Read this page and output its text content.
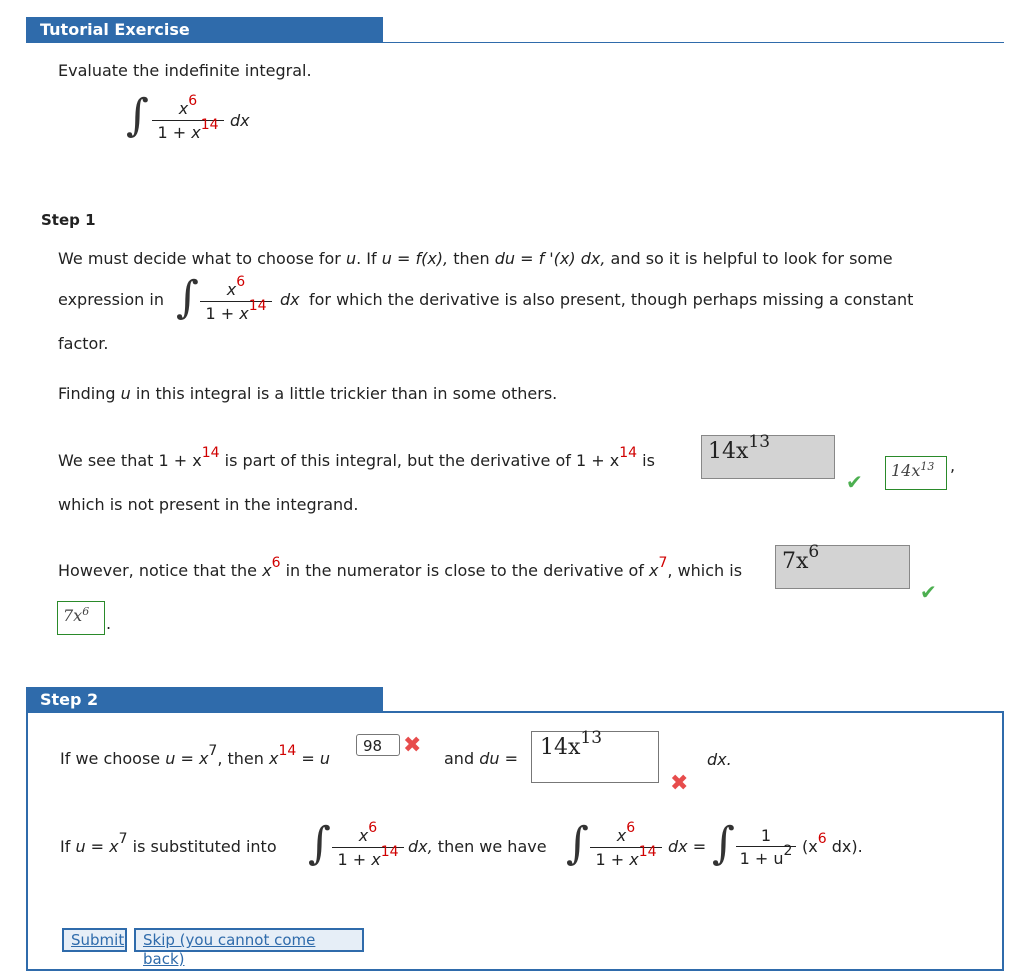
Tutorial Exercise
Evaluate the indefinite integral.
∫	x6
1 + x14 dx
Step 1
We must decide what to choose for u. If u = f(x), then du = f '(x) dx, and so it is helpful to look for some
expression in ∫	x6
1 + x14 dx for which the derivative is also present, though perhaps missing a constant
factor.
Finding u in this integral is a little trickier than in some others.
We see that 1 + x14 is part of this integral, but the derivative of 1 + x14 is	$14x^{13}$
✔	$14x^{13}$ ,
which is not present in the integrand.
However, notice that the x6 in the numerator is close to the derivative of x7, which is	$7x^6$
✔
$7x^6$
.
Step 2
If we choose u = x7, then x14 = u
98 ✖
and du =	$14x^{13}$
✖
dx.
If u = x7 is substituted into ∫	x6
1 + x14 dx, then we have ∫	x6
1 + x14 dx = ∫	1
1 + u2 (x6 dx).
Submit	Skip (you cannot come back)
